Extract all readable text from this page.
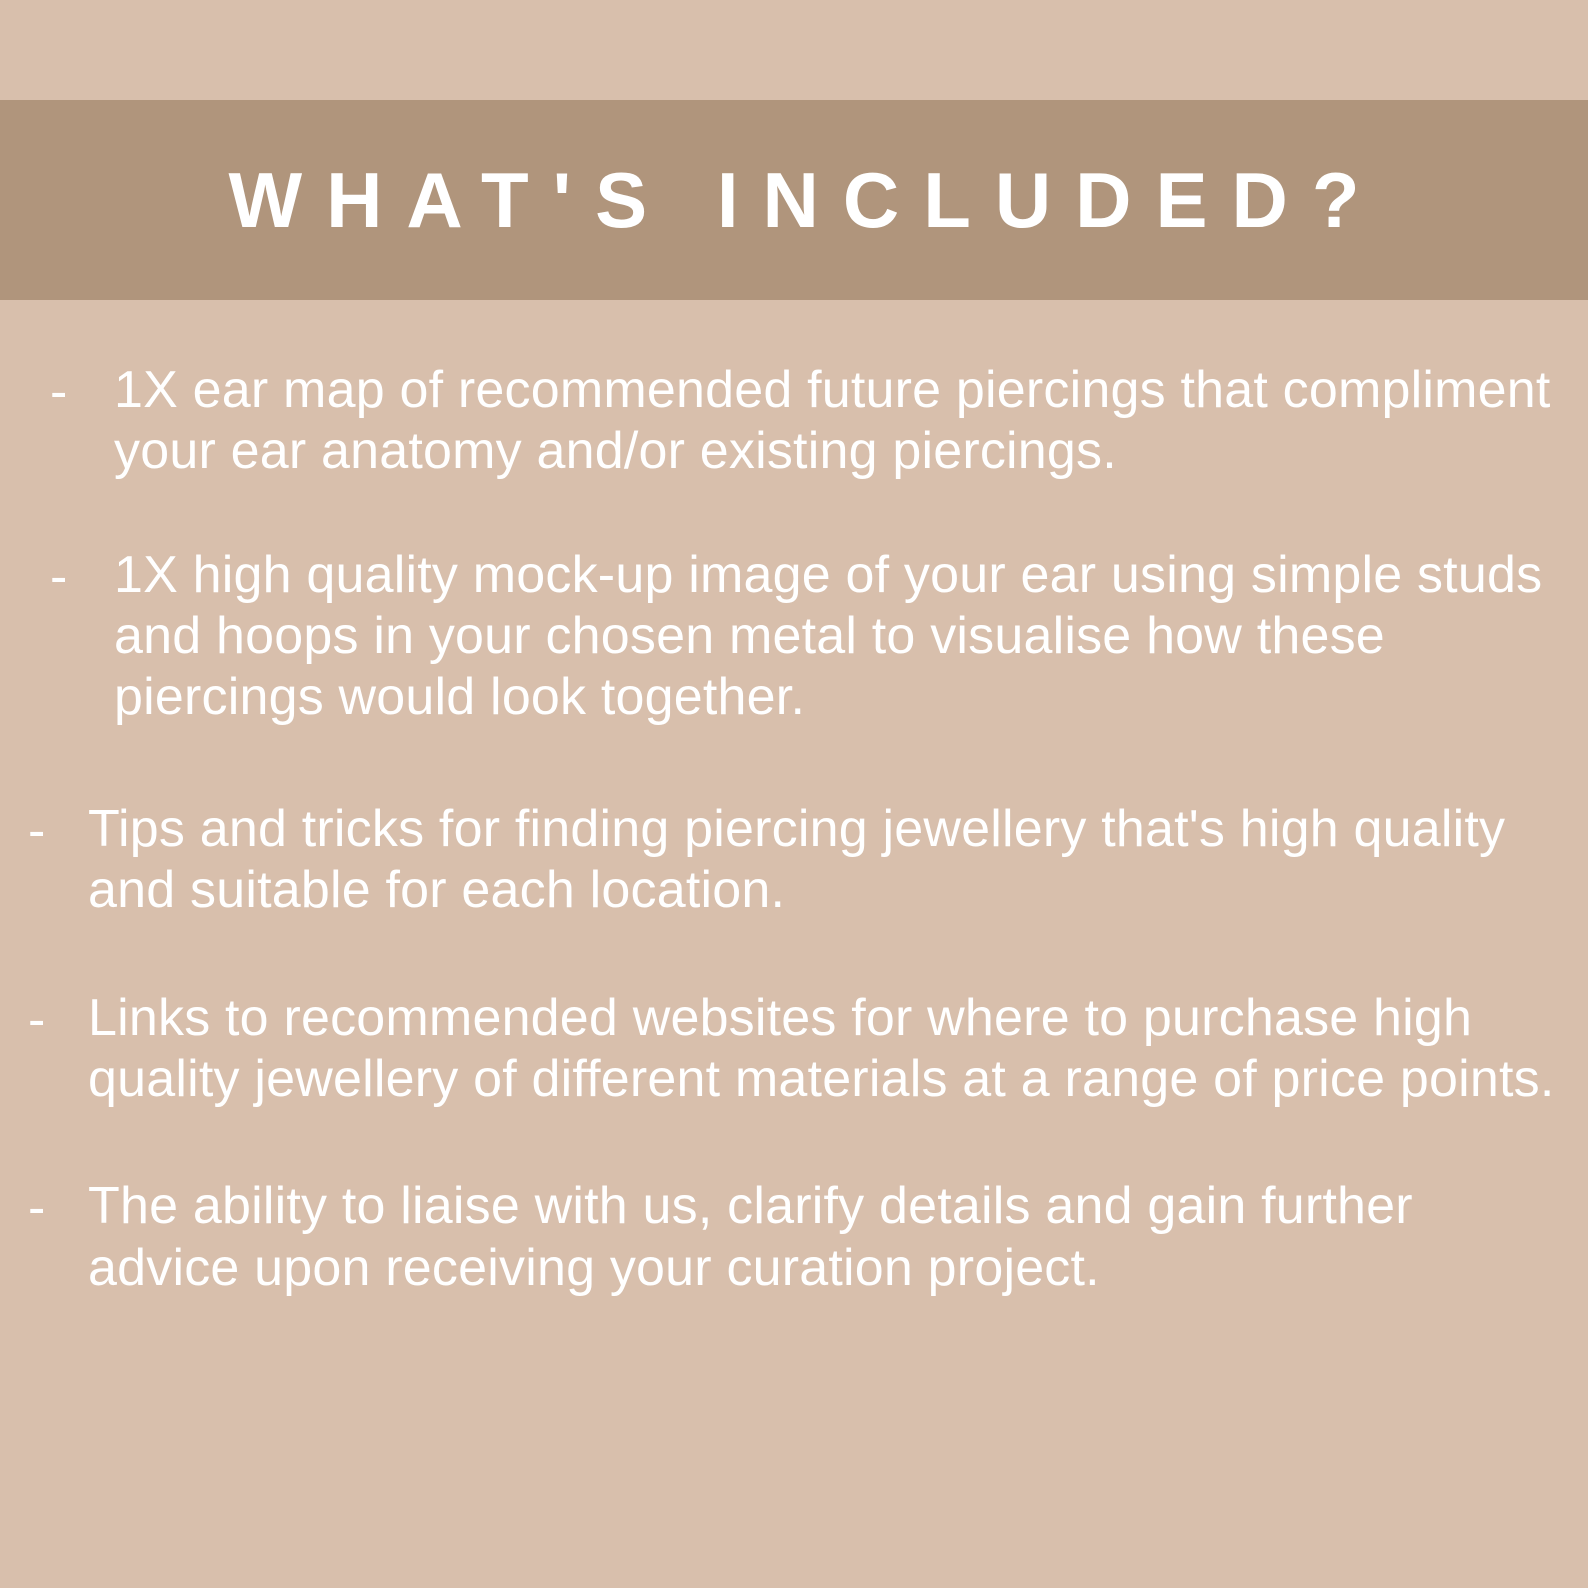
WHAT'S INCLUDED?
- 1X ear map of recommended future piercings that compliment your ear anatomy and/or existing piercings.
- 1X high quality mock-up image of your ear using simple studs and hoops in your chosen metal to visualise how these piercings would look together.
- Tips and tricks for finding piercing jewellery that's high quality and suitable for each location.
- Links to recommended websites for where to purchase high quality jewellery of different materials at a range of price points.
- The ability to liaise with us, clarify details and gain further advice upon receiving your curation project.
